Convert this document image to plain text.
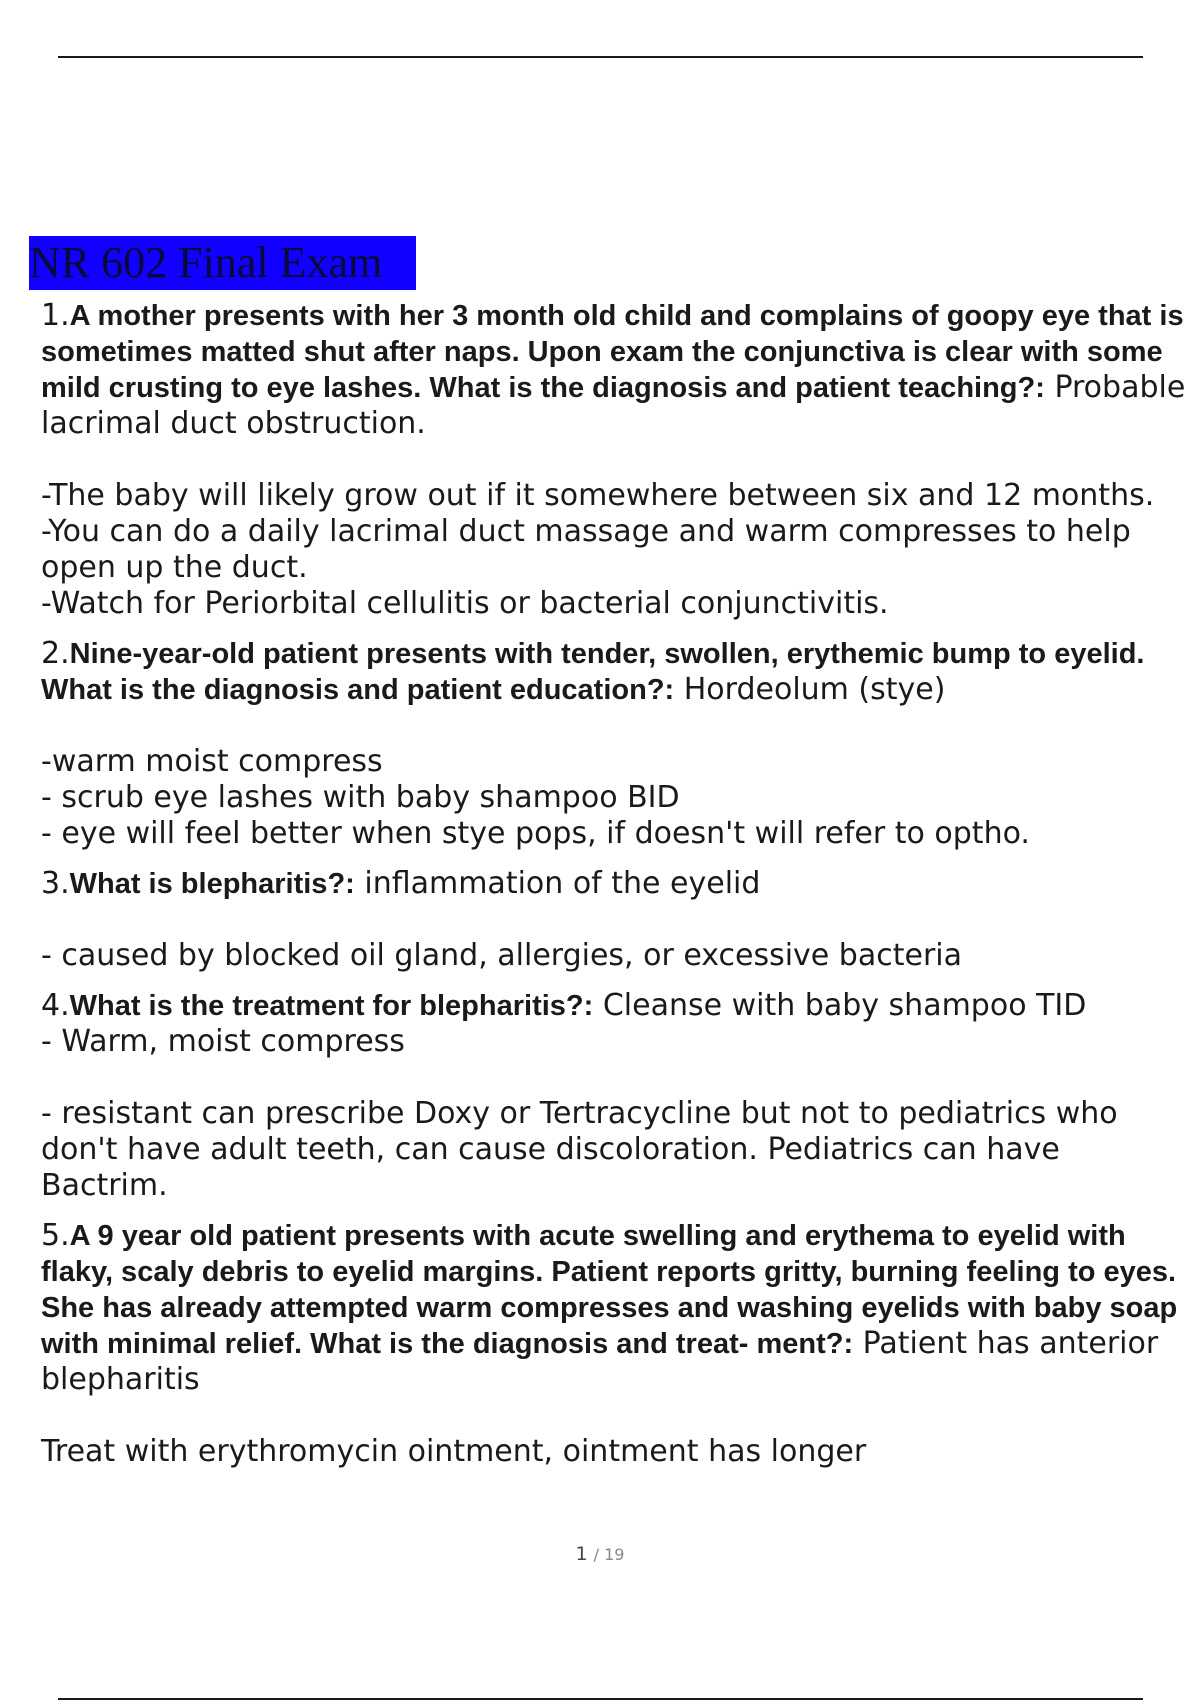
NR 602 Final Exam

1.A mother presents with her 3 month old child and complains of goopy eye that is sometimes matted shut after naps. Upon exam the conjunctiva is clear with some mild crusting to eye lashes. What is the diagnosis and patient teaching?: Probable lacrimal duct obstruction.

-The baby will likely grow out if it somewhere between six and 12 months.

-You can do a daily lacrimal duct massage and warm compresses to help open up the duct.

-Watch for Periorbital cellulitis or bacterial conjunctivitis.

2.Nine-year-old patient presents with tender, swollen, erythemic bump to eyelid. What is the diagnosis and patient education?: Hordeolum (stye)

-warm moist compress

- scrub eye lashes with baby shampoo BID

- eye will feel better when stye pops, if doesn't will refer to optho.

3.What is blepharitis?: inflammation of the eyelid

- caused by blocked oil gland, allergies, or excessive bacteria

4.What is the treatment for blepharitis?: Cleanse with baby shampoo TID

- Warm, moist compress

- resistant can prescribe Doxy or Tertracycline but not to pediatrics who don't have adult teeth, can cause discoloration. Pediatrics can have Bactrim.

5.A 9 year old patient presents with acute swelling and erythema to eyelid with flaky, scaly debris to eyelid margins. Patient reports gritty, burning feeling to eyes. She has already attempted warm compresses and washing eyelids with baby soap with minimal relief. What is the diagnosis and treat- ment?: Patient has anterior blepharitis

Treat with erythromycin ointment, ointment has longer

1 / 19
